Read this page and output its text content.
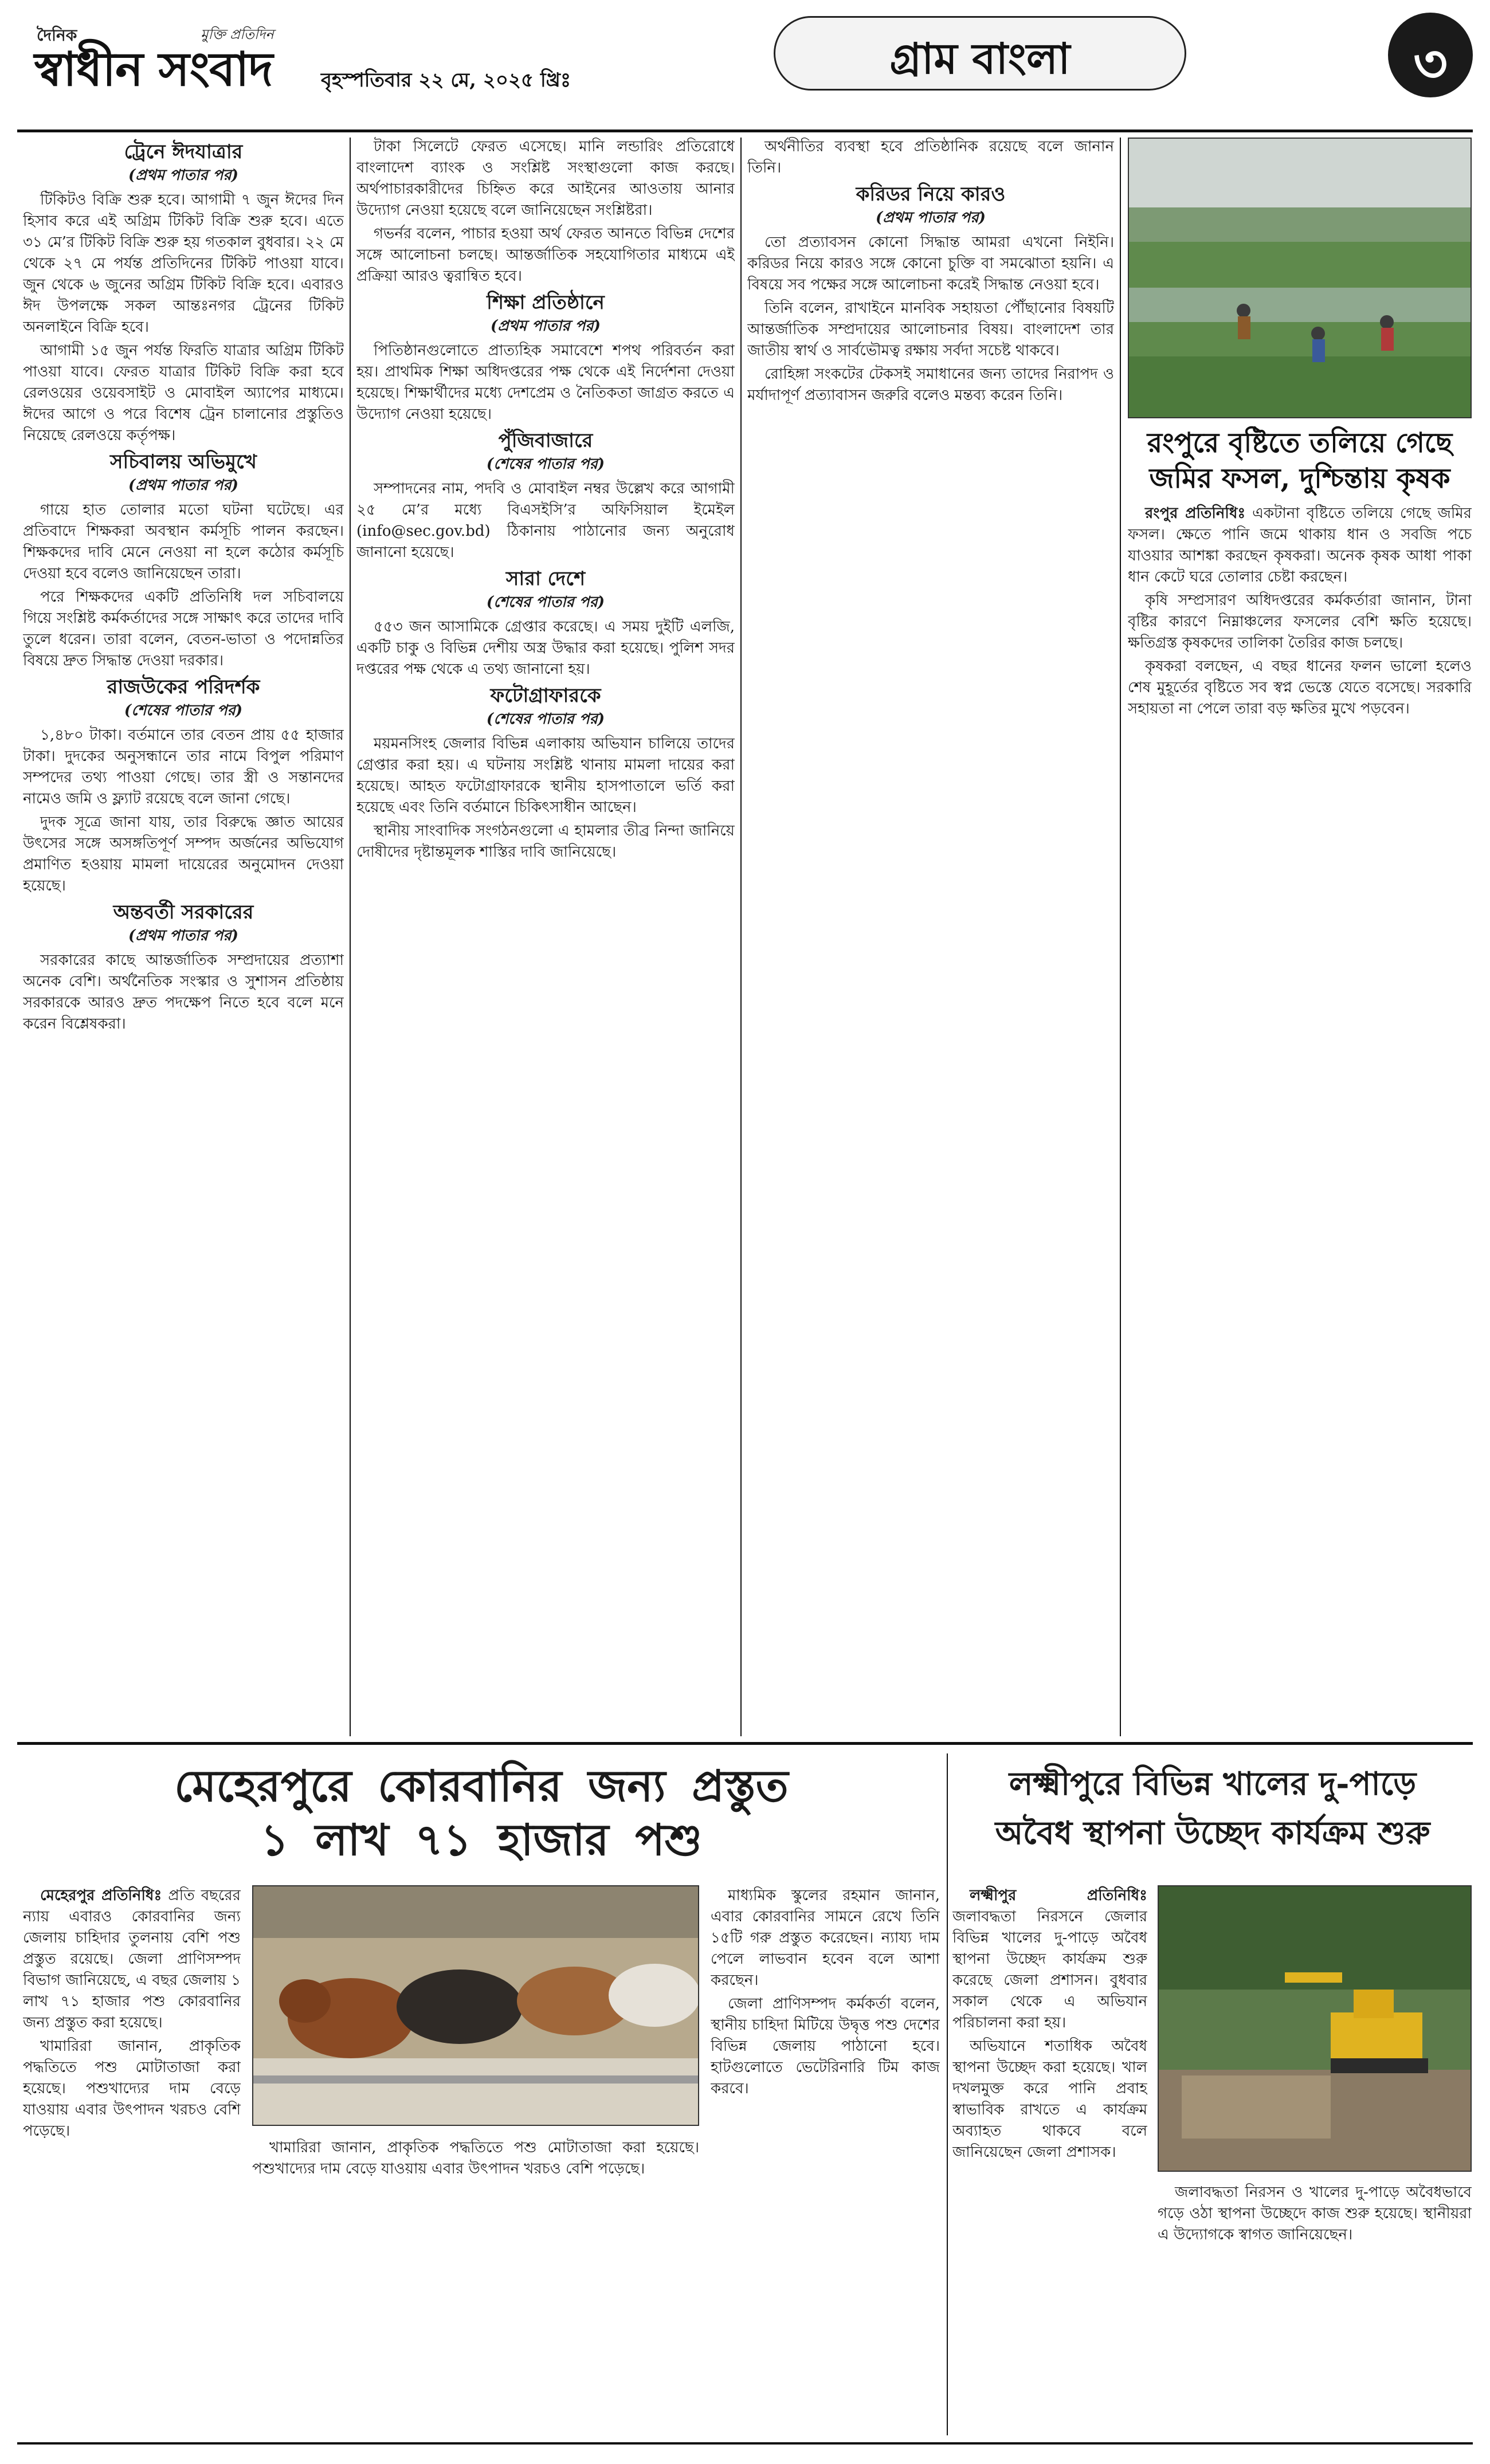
দৈনিক
স্বাধীন সংবাদ
মুক্তি প্রতিদিন
বৃহস্পতিবার ২২ মে, ২০২৫ খ্রিঃ	গ্রাম বাংলা	৩
ট্রেনে ঈদযাত্রার
(প্রথম পাতার পর)

টিকিটও বিক্রি শুরু হবে। আগামী ৭ জুন ঈদের দিন হিসাব করে এই অগ্রিম টিকিট বিক্রি শুরু হবে। এতে ৩১ মে’র টিকিট বিক্রি শুরু হয় গতকাল বুধবার। ২২ মে থেকে ২৭ মে পর্যন্ত প্রতিদিনের টিকিট পাওয়া যাবে। জুন থেকে ৬ জুনের অগ্রিম টিকিট বিক্রি হবে। এবারও ঈদ উপলক্ষে সকল আন্তঃনগর ট্রেনের টিকিট অনলাইনে বিক্রি হবে।

আগামী ১৫ জুন পর্যন্ত ফিরতি যাত্রার অগ্রিম টিকিট পাওয়া যাবে। ফেরত যাত্রার টিকিট বিক্রি করা হবে রেলওয়ের ওয়েবসাইট ও মোবাইল অ্যাপের মাধ্যমে। ঈদের আগে ও পরে বিশেষ ট্রেন চালানোর প্রস্তুতিও নিয়েছে রেলওয়ে কর্তৃপক্ষ।

সচিবালয় অভিমুখে
(প্রথম পাতার পর)

গায়ে হাত তোলার মতো ঘটনা ঘটেছে। এর প্রতিবাদে শিক্ষকরা অবস্থান কর্মসূচি পালন করছেন। শিক্ষকদের দাবি মেনে নেওয়া না হলে কঠোর কর্মসূচি দেওয়া হবে বলেও জানিয়েছেন তারা।

পরে শিক্ষকদের একটি প্রতিনিধি দল সচিবালয়ে গিয়ে সংশ্লিষ্ট কর্মকর্তাদের সঙ্গে সাক্ষাৎ করে তাদের দাবি তুলে ধরেন। তারা বলেন, বেতন-ভাতা ও পদোন্নতির বিষয়ে দ্রুত সিদ্ধান্ত দেওয়া দরকার।

রাজউকের পরিদর্শক
(শেষের পাতার পর)

১,৪৮০ টাকা। বর্তমানে তার বেতন প্রায় ৫৫ হাজার টাকা। দুদকের অনুসন্ধানে তার নামে বিপুল পরিমাণ সম্পদের তথ্য পাওয়া গেছে। তার স্ত্রী ও সন্তানদের নামেও জমি ও ফ্ল্যাট রয়েছে বলে জানা গেছে।

দুদক সূত্রে জানা যায়, তার বিরুদ্ধে জ্ঞাত আয়ের উৎসের সঙ্গে অসঙ্গতিপূর্ণ সম্পদ অর্জনের অভিযোগ প্রমাণিত হওয়ায় মামলা দায়েরের অনুমোদন দেওয়া হয়েছে।

অন্তবর্তী সরকারের
(প্রথম পাতার পর)

সরকারের কাছে আন্তর্জাতিক সম্প্রদায়ের প্রত্যাশা অনেক বেশি। অর্থনৈতিক সংস্কার ও সুশাসন প্রতিষ্ঠায় সরকারকে আরও দ্রুত পদক্ষেপ নিতে হবে বলে মনে করেন বিশ্লেষকরা।

টাকা সিলেটে ফেরত এসেছে। মানি লন্ডারিং প্রতিরোধে বাংলাদেশ ব্যাংক ও সংশ্লিষ্ট সংস্থাগুলো কাজ করছে। অর্থপাচারকারীদের চিহ্নিত করে আইনের আওতায় আনার উদ্যোগ নেওয়া হয়েছে বলে জানিয়েছেন সংশ্লিষ্টরা।

গভর্নর বলেন, পাচার হওয়া অর্থ ফেরত আনতে বিভিন্ন দেশের সঙ্গে আলোচনা চলছে। আন্তর্জাতিক সহযোগিতার মাধ্যমে এই প্রক্রিয়া আরও ত্বরান্বিত হবে।

শিক্ষা প্রতিষ্ঠানে
(প্রথম পাতার পর)

পিতিষ্ঠানগুলোতে প্রাত্যহিক সমাবেশে শপথ পরিবর্তন করা হয়। প্রাথমিক শিক্ষা অধিদপ্তরের পক্ষ থেকে এই নির্দেশনা দেওয়া হয়েছে। শিক্ষার্থীদের মধ্যে দেশপ্রেম ও নৈতিকতা জাগ্রত করতে এ উদ্যোগ নেওয়া হয়েছে।

পুঁজিবাজারে
(শেষের পাতার পর)

সম্পাদনের নাম, পদবি ও মোবাইল নম্বর উল্লেখ করে আগামী ২৫ মে’র মধ্যে বিএসইসি’র অফিসিয়াল ইমেইল (info@sec.gov.bd) ঠিকানায় পাঠানোর জন্য অনুরোধ জানানো হয়েছে।

সারা দেশে
(শেষের পাতার পর)

৫৫৩ জন আসামিকে গ্রেপ্তার করেছে। এ সময় দুইটি এলজি, একটি চাকু ও বিভিন্ন দেশীয় অস্ত্র উদ্ধার করা হয়েছে। পুলিশ সদর দপ্তরের পক্ষ থেকে এ তথ্য জানানো হয়।

ফটোগ্রাফারকে
(শেষের পাতার পর)

ময়মনসিংহ জেলার বিভিন্ন এলাকায় অভিযান চালিয়ে তাদের গ্রেপ্তার করা হয়। এ ঘটনায় সংশ্লিষ্ট থানায় মামলা দায়ের করা হয়েছে। আহত ফটোগ্রাফারকে স্থানীয় হাসপাতালে ভর্তি করা হয়েছে এবং তিনি বর্তমানে চিকিৎসাধীন আছেন।

স্থানীয় সাংবাদিক সংগঠনগুলো এ হামলার তীব্র নিন্দা জানিয়ে দোষীদের দৃষ্টান্তমূলক শাস্তির দাবি জানিয়েছে।

অর্থনীতির ব্যবস্থা হবে প্রতিষ্ঠানিক রয়েছে বলে জানান তিনি।

করিডর নিয়ে কারও
(প্রথম পাতার পর)

তো প্রত্যাবসন কোনো সিদ্ধান্ত আমরা এখনো নিইনি। করিডর নিয়ে কারও সঙ্গে কোনো চুক্তি বা সমঝোতা হয়নি। এ বিষয়ে সব পক্ষের সঙ্গে আলোচনা করেই সিদ্ধান্ত নেওয়া হবে।

তিনি বলেন, রাখাইনে মানবিক সহায়তা পৌঁছানোর বিষয়টি আন্তর্জাতিক সম্প্রদায়ের আলোচনার বিষয়। বাংলাদেশ তার জাতীয় স্বার্থ ও সার্বভৌমত্ব রক্ষায় সর্বদা সচেষ্ট থাকবে।

রোহিঙ্গা সংকটের টেকসই সমাধানের জন্য তাদের নিরাপদ ও মর্যাদাপূর্ণ প্রত্যাবাসন জরুরি বলেও মন্তব্য করেন তিনি।

রংপুরে বৃষ্টিতে তলিয়ে গেছে জমির ফসল, দুশ্চিন্তায় কৃষক

রংপুর প্রতিনিধিঃ একটানা বৃষ্টিতে তলিয়ে গেছে জমির ফসল। ক্ষেতে পানি জমে থাকায় ধান ও সবজি পচে যাওয়ার আশঙ্কা করছেন কৃষকরা। অনেক কৃষক আধা পাকা ধান কেটে ঘরে তোলার চেষ্টা করছেন।

কৃষি সম্প্রসারণ অধিদপ্তরের কর্মকর্তারা জানান, টানা বৃষ্টির কারণে নিম্নাঞ্চলের ফসলের বেশি ক্ষতি হয়েছে। ক্ষতিগ্রস্ত কৃষকদের তালিকা তৈরির কাজ চলছে।

কৃষকরা বলছেন, এ বছর ধানের ফলন ভালো হলেও শেষ মুহূর্তের বৃষ্টিতে সব স্বপ্ন ভেস্তে যেতে বসেছে। সরকারি সহায়তা না পেলে তারা বড় ক্ষতির মুখে পড়বেন।

মেহেরপুরে কোরবানির জন্য প্রস্তুত
১ লাখ ৭১ হাজার পশু

মেহেরপুর প্রতিনিধিঃ প্রতি বছরের ন্যায় এবারও কোরবানির জন্য জেলায় চাহিদার তুলনায় বেশি পশু প্রস্তুত রয়েছে। জেলা প্রাণিসম্পদ বিভাগ জানিয়েছে, এ বছর জেলায় ১ লাখ ৭১ হাজার পশু কোরবানির জন্য প্রস্তুত করা হয়েছে।

খামারিরা জানান, প্রাকৃতিক পদ্ধতিতে পশু মোটাতাজা করা হয়েছে। পশুখাদ্যের দাম বেড়ে যাওয়ায় এবার উৎপাদন খরচও বেশি পড়েছে।

মাধ্যমিক স্কুলের রহমান জানান, এবার কোরবানির সামনে রেখে তিনি ১৫টি গরু প্রস্তুত করেছেন। ন্যায্য দাম পেলে লাভবান হবেন বলে আশা করছেন।

জেলা প্রাণিসম্পদ কর্মকর্তা বলেন, স্থানীয় চাহিদা মিটিয়ে উদ্বৃত্ত পশু দেশের বিভিন্ন জেলায় পাঠানো হবে। হাটগুলোতে ভেটেরিনারি টিম কাজ করবে।

খামারিরা জানান, প্রাকৃতিক পদ্ধতিতে পশু মোটাতাজা করা হয়েছে। পশুখাদ্যের দাম বেড়ে যাওয়ায় এবার উৎপাদন খরচও বেশি পড়েছে।

লক্ষ্মীপুরে বিভিন্ন খালের দু-পাড়ে
অবৈধ স্থাপনা উচ্ছেদ কার্যক্রম শুরু

লক্ষ্মীপুর প্রতিনিধিঃ জলাবদ্ধতা নিরসনে জেলার বিভিন্ন খালের দু-পাড়ে অবৈধ স্থাপনা উচ্ছেদ কার্যক্রম শুরু করেছে জেলা প্রশাসন। বুধবার সকাল থেকে এ অভিযান পরিচালনা করা হয়।

অভিযানে শতাধিক অবৈধ স্থাপনা উচ্ছেদ করা হয়েছে। খাল দখলমুক্ত করে পানি প্রবাহ স্বাভাবিক রাখতে এ কার্যক্রম অব্যাহত থাকবে বলে জানিয়েছেন জেলা প্রশাসক।

জলাবদ্ধতা নিরসন ও খালের দু-পাড়ে অবৈধভাবে গড়ে ওঠা স্থাপনা উচ্ছেদে কাজ শুরু হয়েছে। স্থানীয়রা এ উদ্যোগকে স্বাগত জানিয়েছেন।
